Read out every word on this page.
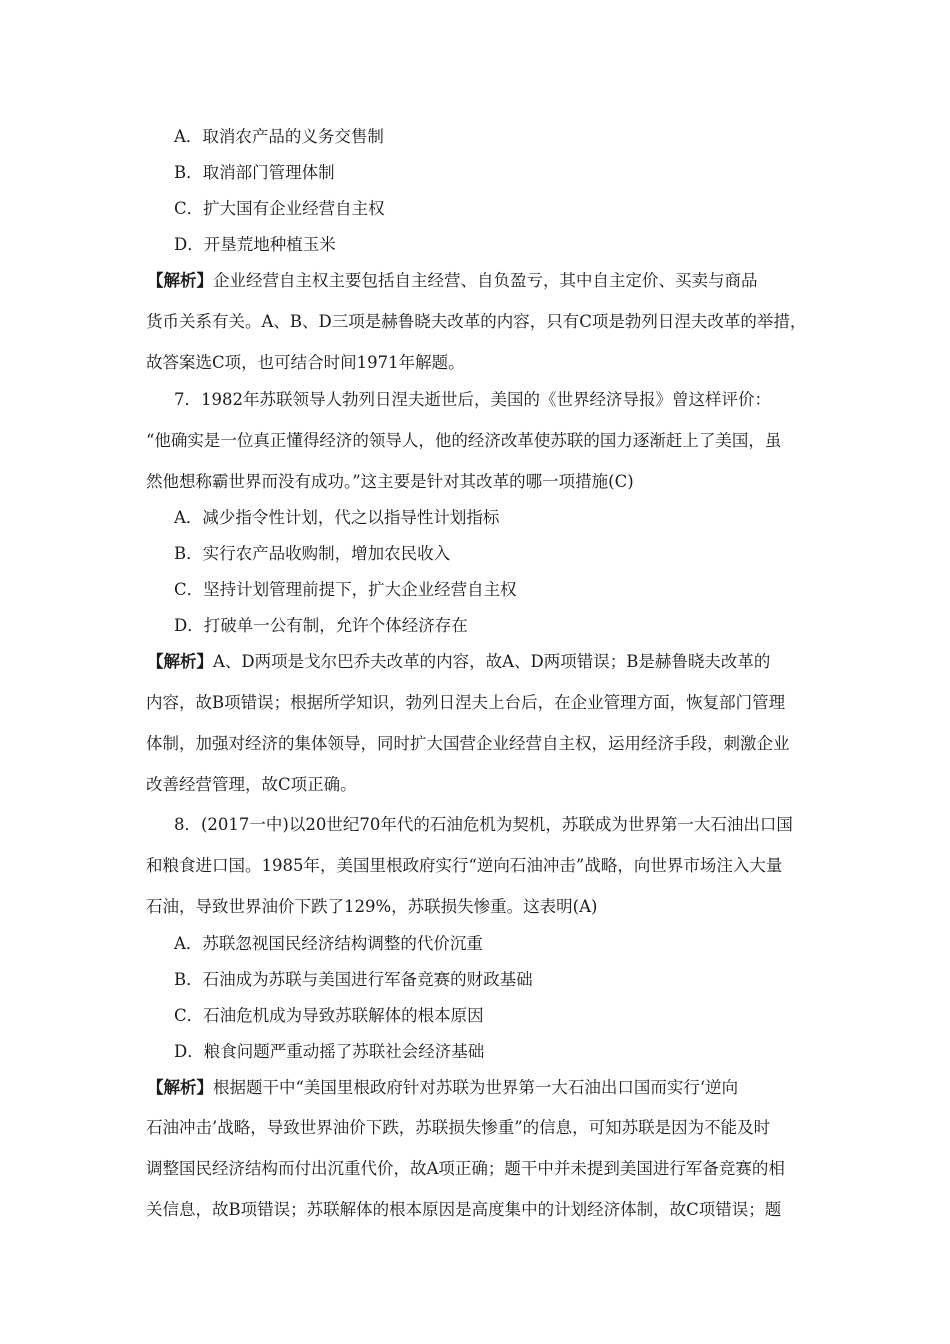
A．取消农产品的义务交售制
B．取消部门管理体制
C．扩大国有企业经营自主权
D．开垦荒地种植玉米
【解析】企业经营自主权主要包括自主经营、自负盈亏，其中自主定价、买卖与商品
货币关系有关。A、B、D三项是赫鲁晓夫改革的内容，只有C项是勃列日涅夫改革的举措，
故答案选C项，也可结合时间1971年解题。
7．1982年苏联领导人勃列日涅夫逝世后，美国的《世界经济导报》曾这样评价：
“他确实是一位真正懂得经济的领导人，他的经济改革使苏联的国力逐渐赶上了美国，虽
然他想称霸世界而没有成功。”这主要是针对其改革的哪一项措施(C)
A．减少指令性计划，代之以指导性计划指标
B．实行农产品收购制，增加农民收入
C．坚持计划管理前提下，扩大企业经营自主权
D．打破单一公有制，允许个体经济存在
【解析】A、D两项是戈尔巴乔夫改革的内容，故A、D两项错误；B是赫鲁晓夫改革的
内容，故B项错误；根据所学知识，勃列日涅夫上台后，在企业管理方面，恢复部门管理
体制，加强对经济的集体领导，同时扩大国营企业经营自主权，运用经济手段，刺激企业
改善经营管理，故C项正确。
8．(2017一中)以20世纪70年代的石油危机为契机，苏联成为世界第一大石油出口国
和粮食进口国。1985年，美国里根政府实行“逆向石油冲击”战略，向世界市场注入大量
石油，导致世界油价下跌了129%，苏联损失惨重。这表明(A)
A．苏联忽视国民经济结构调整的代价沉重
B．石油成为苏联与美国进行军备竞赛的财政基础
C．石油危机成为导致苏联解体的根本原因
D．粮食问题严重动摇了苏联社会经济基础
【解析】根据题干中“美国里根政府针对苏联为世界第一大石油出口国而实行‘逆向
石油冲击’战略，导致世界油价下跌，苏联损失惨重”的信息，可知苏联是因为不能及时
调整国民经济结构而付出沉重代价，故A项正确；题干中并未提到美国进行军备竞赛的相
关信息，故B项错误；苏联解体的根本原因是高度集中的计划经济体制，故C项错误；题
